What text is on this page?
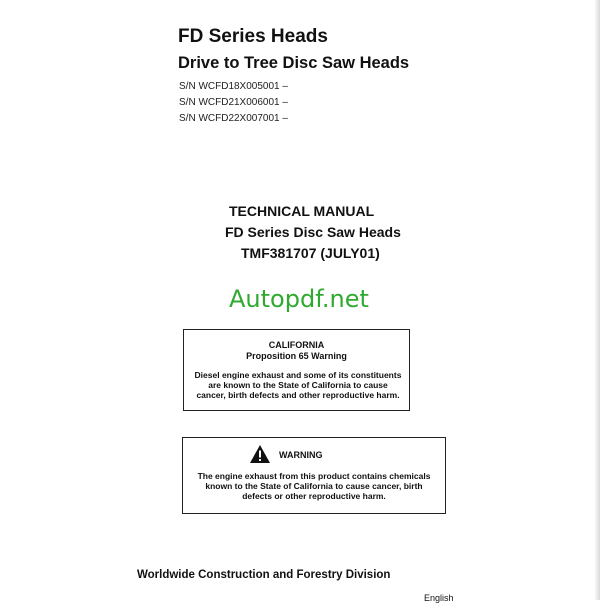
FD Series Heads
Drive to Tree Disc Saw Heads
S/N WCFD18X005001 –
S/N WCFD21X006001 –
S/N WCFD22X007001 –
TECHNICAL MANUAL
FD Series Disc Saw Heads
TMF381707 (JULY01)
Autopdf.net
CALIFORNIA
Proposition 65 Warning
Diesel engine exhaust and some of its constituents are known to the State of California to cause cancer, birth defects and other reproductive harm.
WARNING
The engine exhaust from this product contains chemicals known to the State of California to cause cancer, birth defects or other reproductive harm.
Worldwide Construction and Forestry Division
English
